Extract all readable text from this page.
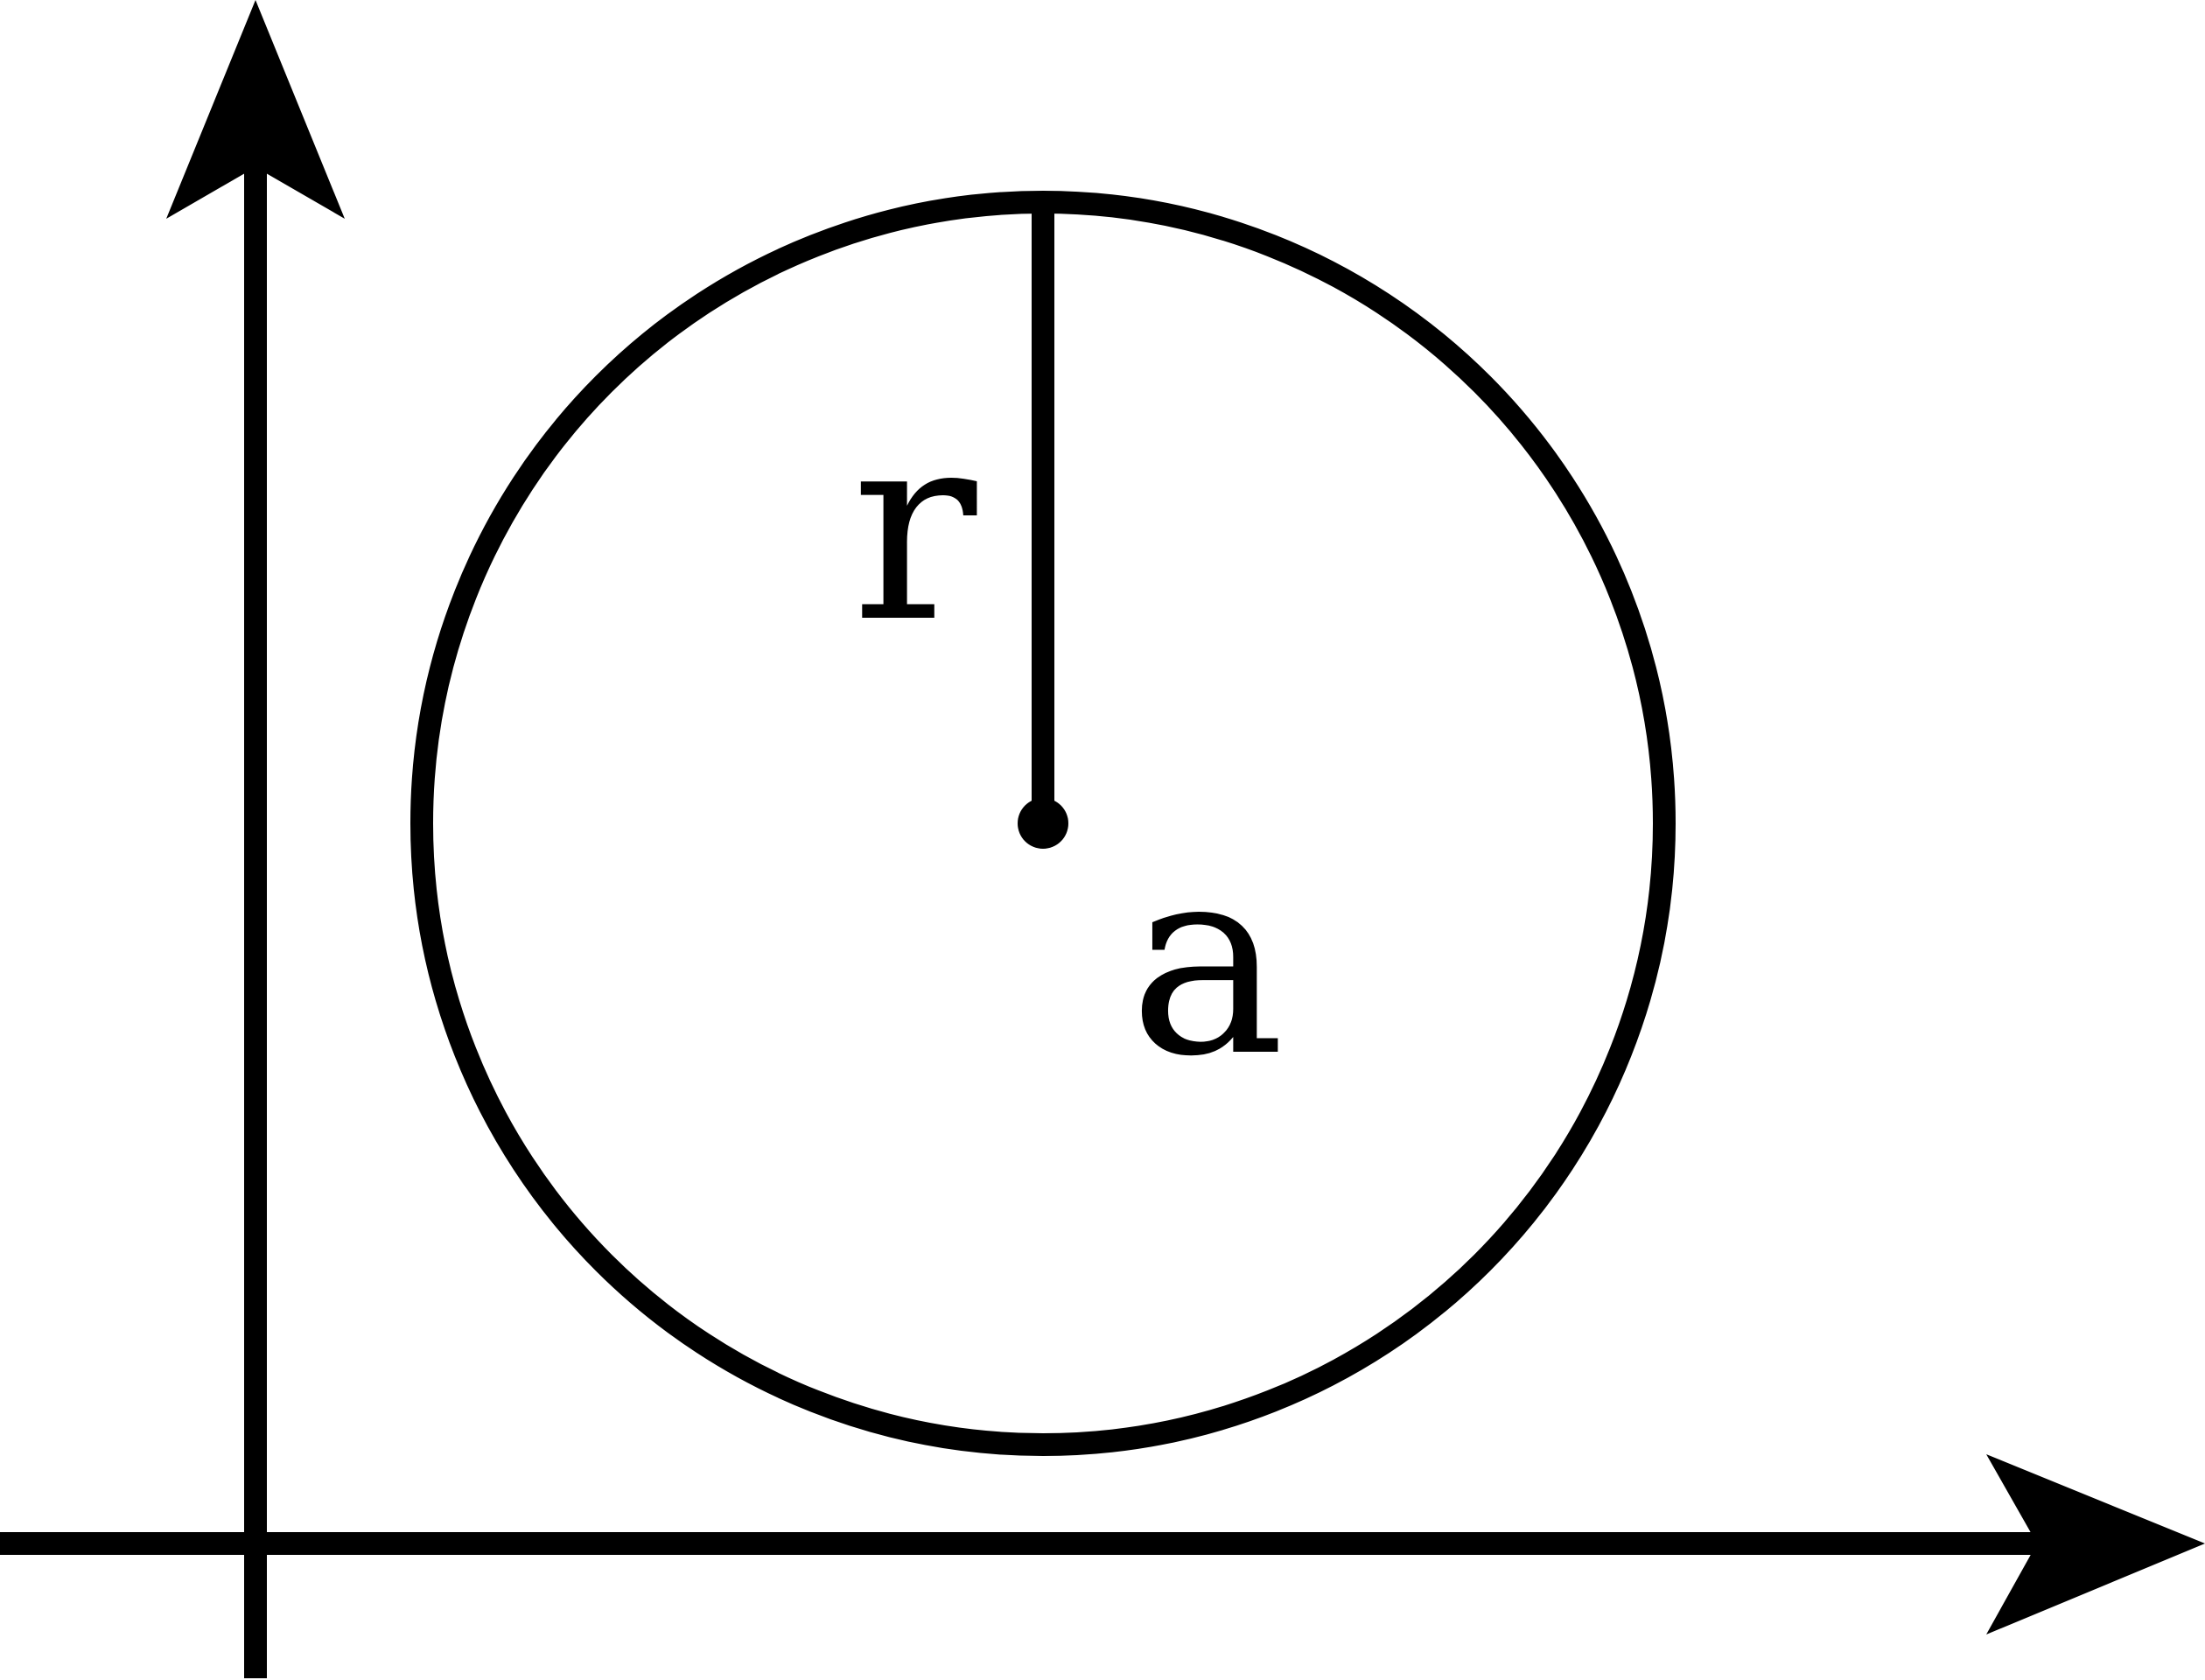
r
a
